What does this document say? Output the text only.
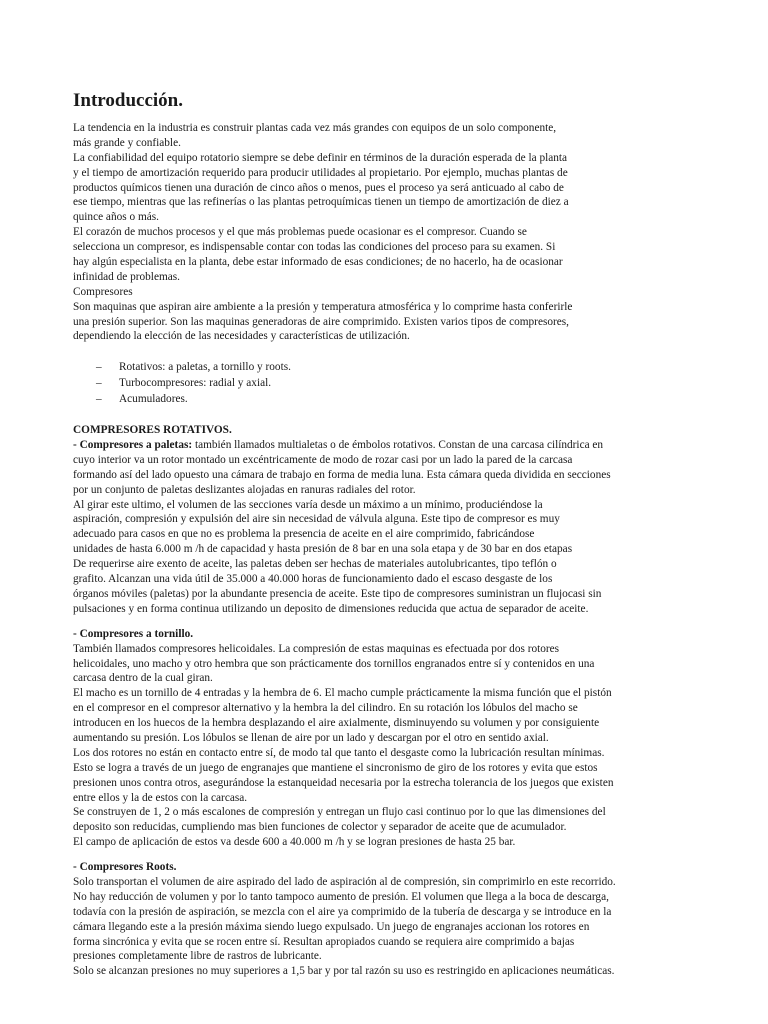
Introducción.
La tendencia en la industria es construir plantas cada vez más grandes con equipos de un solo componente,
más grande y confiable.
La confiabilidad del equipo rotatorio siempre se debe definir en términos de la duración esperada de la planta
y el tiempo de amortización requerido para producir utilidades al propietario. Por ejemplo, muchas plantas de
productos químicos tienen una duración de cinco años o menos, pues el proceso ya será anticuado al cabo de
ese tiempo, mientras que las refinerías o las plantas petroquímicas tienen un tiempo de amortización de diez a
quince años o más.
El corazón de muchos procesos y el que más problemas puede ocasionar es el compresor. Cuando se
selecciona un compresor, es indispensable contar con todas las condiciones del proceso para su examen. Si
hay algún especialista en la planta, debe estar informado de esas condiciones; de no hacerlo, ha de ocasionar
infinidad de problemas.
Compresores
Son maquinas que aspiran aire ambiente a la presión y temperatura atmosférica y lo comprime hasta conferirle
una presión superior. Son las maquinas generadoras de aire comprimido. Existen varios tipos de compresores,
dependiendo la elección de las necesidades y características de utilización.
– Rotativos: a paletas, a tornillo y roots.
– Turbocompresores: radial y axial.
– Acumuladores.
COMPRESORES ROTATIVOS.
- Compresores a paletas: también llamados multialetas o de émbolos rotativos. Constan de una carcasa cilíndrica en
cuyo interior va un rotor montado un excéntricamente de modo de rozar casi por un lado la pared de la carcasa
formando así del lado opuesto una cámara de trabajo en forma de media luna. Esta cámara queda dividida en secciones
por un conjunto de paletas deslizantes alojadas en ranuras radiales del rotor.
Al girar este ultimo, el volumen de las secciones varía desde un máximo a un mínimo, produciéndose la
aspiración, compresión y expulsión del aire sin necesidad de válvula alguna. Este tipo de compresor es muy
adecuado para casos en que no es problema la presencia de aceite en el aire comprimido, fabricándose
unidades de hasta 6.000 m /h de capacidad y hasta presión de 8 bar en una sola etapa y de 30 bar en dos etapas
De requerirse aire exento de aceite, las paletas deben ser hechas de materiales autolubricantes, tipo teflón o
grafito. Alcanzan una vida útil de 35.000 a 40.000 horas de funcionamiento dado el escaso desgaste de los
órganos móviles (paletas) por la abundante presencia de aceite. Este tipo de compresores suministran un flujocasi sin
pulsaciones y en forma continua utilizando un deposito de dimensiones reducida que actua de separador de aceite.
- Compresores a tornillo.
También llamados compresores helicoidales. La compresión de estas maquinas es efectuada por dos rotores
helicoidales, uno macho y otro hembra que son prácticamente dos tornillos engranados entre sí y contenidos en una
carcasa dentro de la cual giran.
El macho es un tornillo de 4 entradas y la hembra de 6. El macho cumple prácticamente la misma función que el pistón
en el compresor en el compresor alternativo y la hembra la del cilindro. En su rotación los lóbulos del macho se
introducen en los huecos de la hembra desplazando el aire axialmente, disminuyendo su volumen y por consiguiente
aumentando su presión. Los lóbulos se llenan de aire por un lado y descargan por el otro en sentido axial.
Los dos rotores no están en contacto entre sí, de modo tal que tanto el desgaste como la lubricación resultan mínimas.
Esto se logra a través de un juego de engranajes que mantiene el sincronismo de giro de los rotores y evita que estos
presionen unos contra otros, asegurándose la estanqueidad necesaria por la estrecha tolerancia de los juegos que existen
entre ellos y la de estos con la carcasa.
Se construyen de 1, 2 o más escalones de compresión y entregan un flujo casi continuo por lo que las dimensiones del
deposito son reducidas, cumpliendo mas bien funciones de colector y separador de aceite que de acumulador.
El campo de aplicación de estos va desde 600 a 40.000 m /h y se logran presiones de hasta 25 bar.
- Compresores Roots.
Solo transportan el volumen de aire aspirado del lado de aspiración al de compresión, sin comprimirlo en este recorrido.
No hay reducción de volumen y por lo tanto tampoco aumento de presión. El volumen que llega a la boca de descarga,
todavía con la presión de aspiración, se mezcla con el aire ya comprimido de la tubería de descarga y se introduce en la
cámara llegando este a la presión máxima siendo luego expulsado. Un juego de engranajes accionan los rotores en
forma sincrónica y evita que se rocen entre sí. Resultan apropiados cuando se requiera aire comprimido a bajas
presiones completamente libre de rastros de lubricante.
Solo se alcanzan presiones no muy superiores a 1,5 bar y por tal razón su uso es restringido en aplicaciones neumáticas.
